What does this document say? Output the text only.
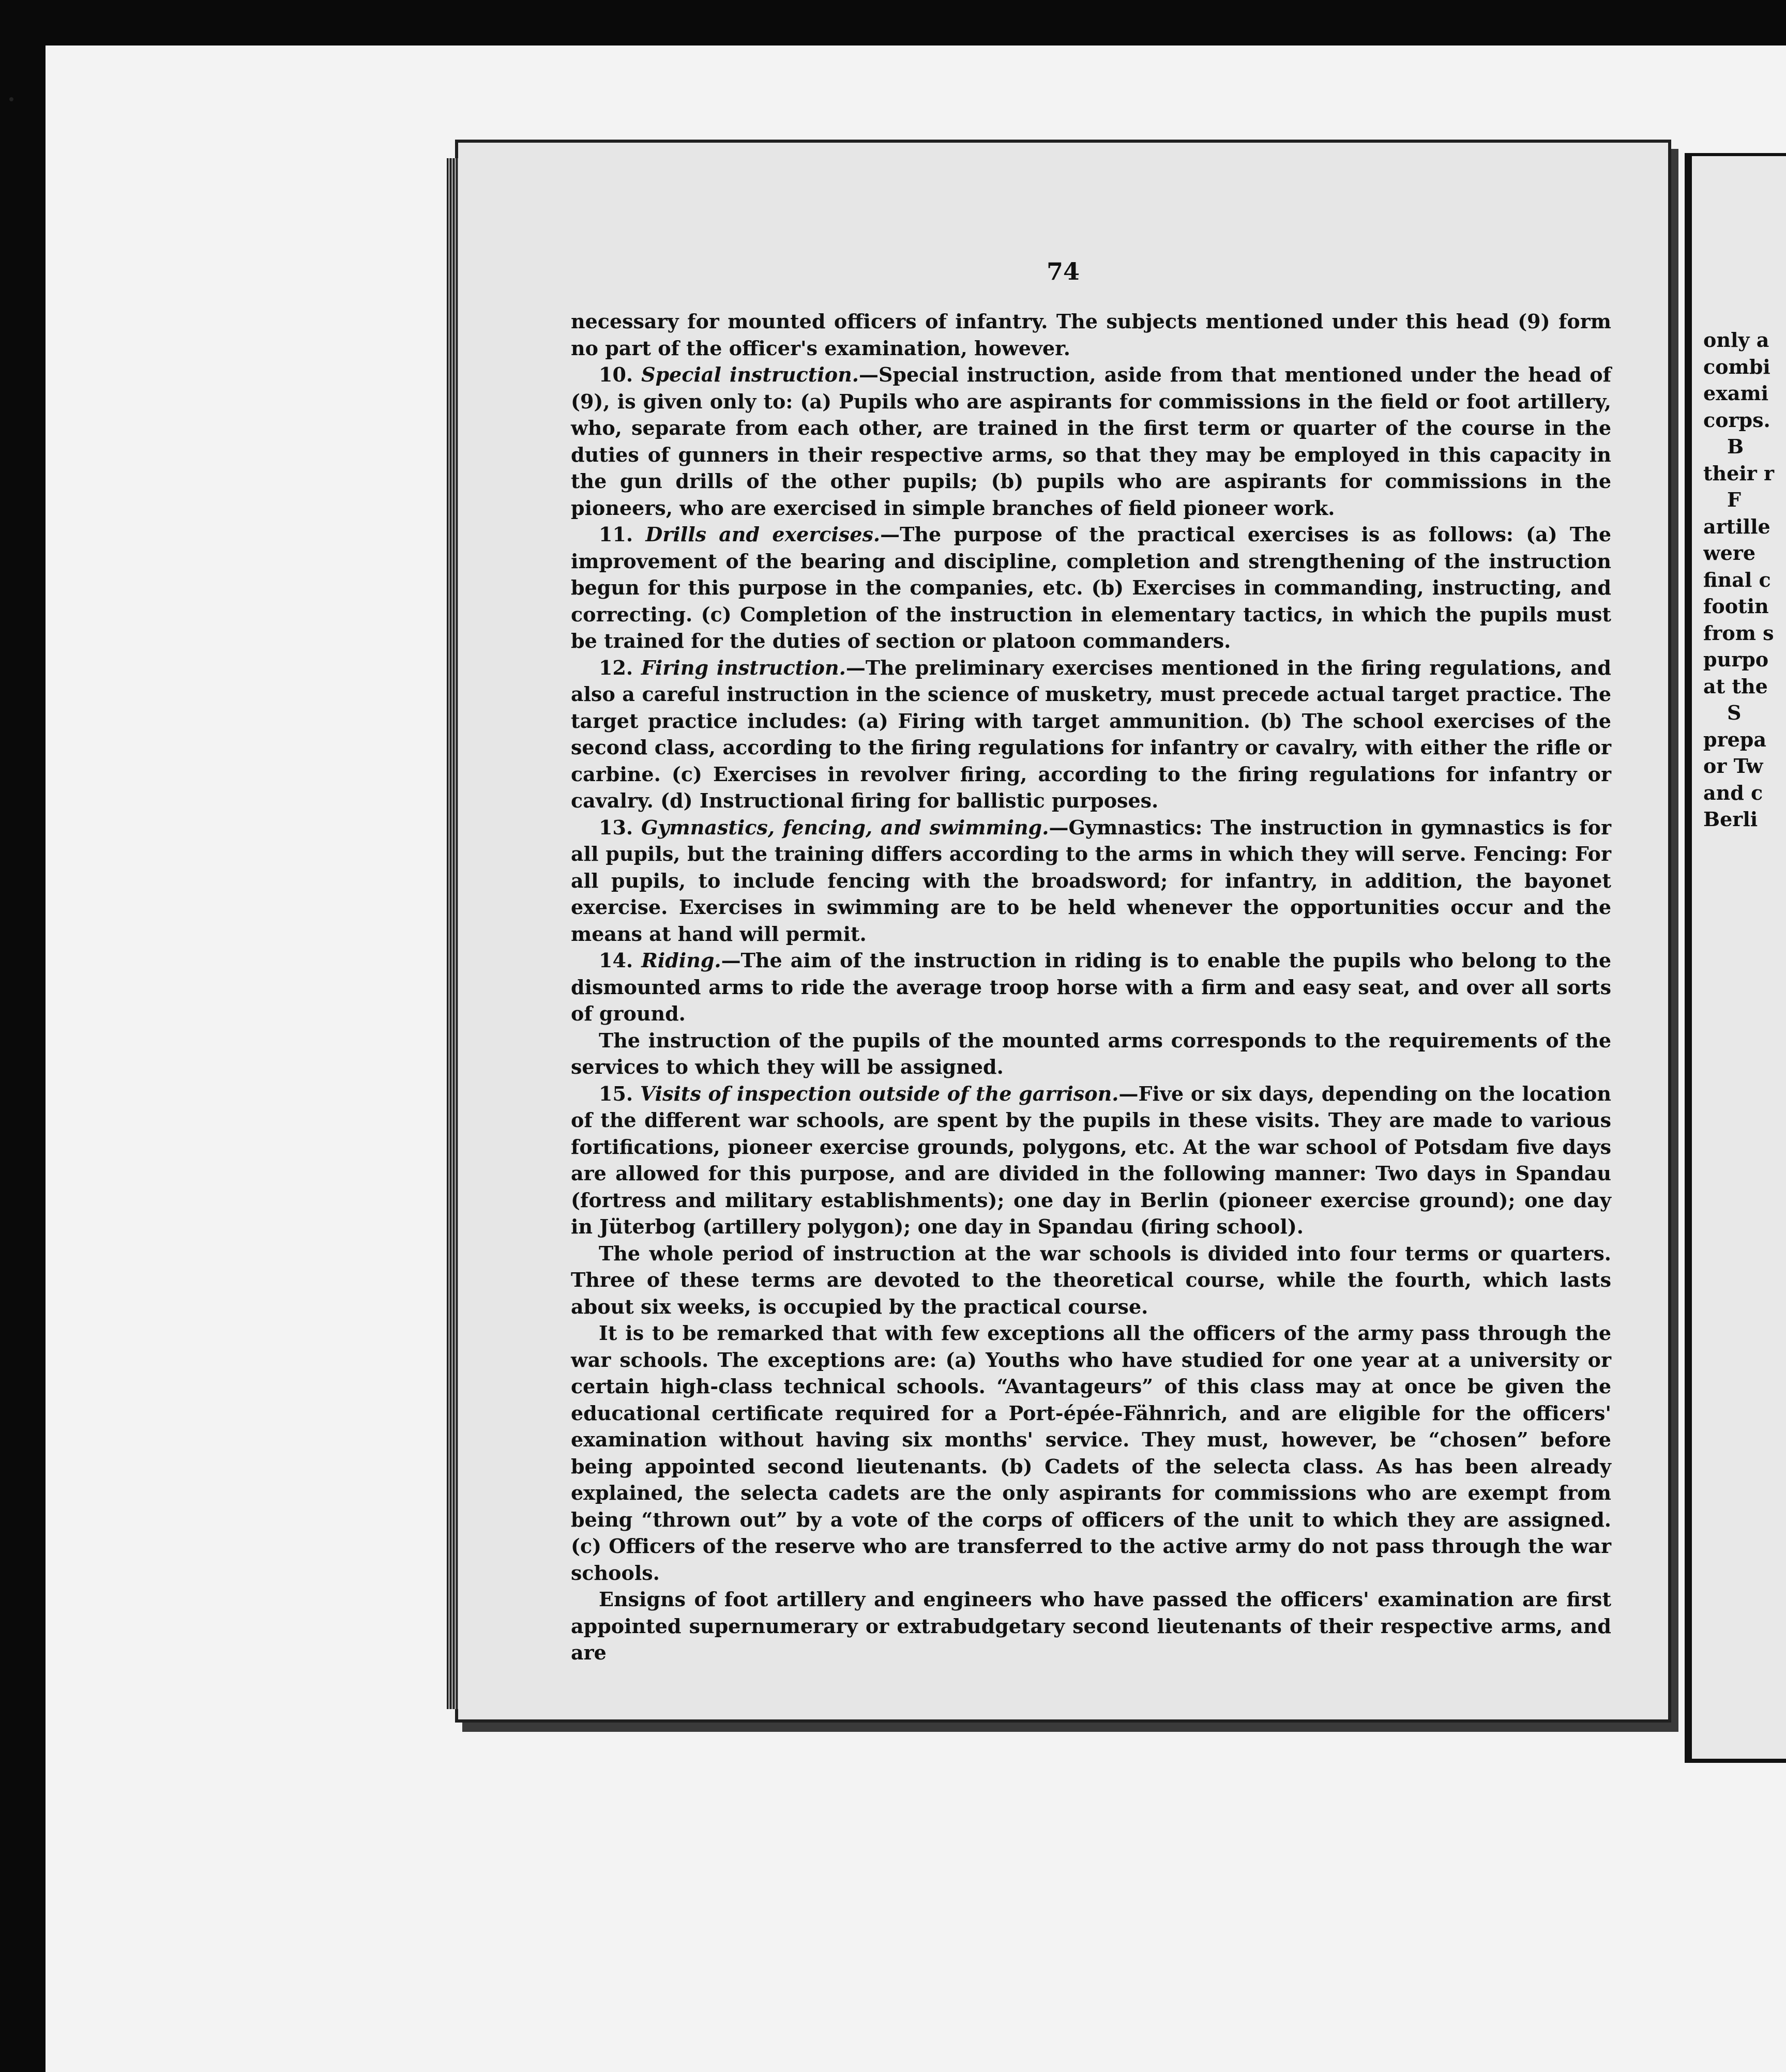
74

necessary for mounted officers of infantry. The subjects mentioned under this head (9) form no part of the officer's examination, however.

10. Special instruction.—Special instruction, aside from that mentioned under the head of (9), is given only to: (a) Pupils who are aspirants for commissions in the field or foot artillery, who, separate from each other, are trained in the first term or quarter of the course in the duties of gunners in their respective arms, so that they may be employed in this capacity in the gun drills of the other pupils; (b) pupils who are aspirants for commissions in the pioneers, who are exercised in simple branches of field pioneer work.

11. Drills and exercises.—The purpose of the practical exercises is as follows: (a) The improvement of the bearing and discipline, completion and strengthening of the instruction begun for this purpose in the companies, etc. (b) Exercises in commanding, instructing, and correcting. (c) Completion of the instruction in elementary tactics, in which the pupils must be trained for the duties of section or platoon commanders.

12. Firing instruction.—The preliminary exercises mentioned in the firing regulations, and also a careful instruction in the science of musketry, must precede actual target practice. The target practice includes: (a) Firing with target ammunition. (b) The school exercises of the second class, according to the firing regulations for infantry or cavalry, with either the rifle or carbine. (c) Exercises in revolver firing, according to the firing regulations for infantry or cavalry. (d) Instructional firing for ballistic purposes.

13. Gymnastics, fencing, and swimming.—Gymnastics: The instruction in gymnastics is for all pupils, but the training differs according to the arms in which they will serve. Fencing: For all pupils, to include fencing with the broadsword; for infantry, in addition, the bayonet exercise. Exercises in swimming are to be held whenever the opportunities occur and the means at hand will permit.

14. Riding.—The aim of the instruction in riding is to enable the pupils who belong to the dismounted arms to ride the average troop horse with a firm and easy seat, and over all sorts of ground.

The instruction of the pupils of the mounted arms corresponds to the requirements of the services to which they will be assigned.

15. Visits of inspection outside of the garrison.—Five or six days, depending on the location of the different war schools, are spent by the pupils in these visits. They are made to various fortifications, pioneer exercise grounds, polygons, etc. At the war school of Potsdam five days are allowed for this purpose, and are divided in the following manner: Two days in Spandau (fortress and military establishments); one day in Berlin (pioneer exercise ground); one day in Jüterbog (artillery polygon); one day in Spandau (firing school).

The whole period of instruction at the war schools is divided into four terms or quarters. Three of these terms are devoted to the theoretical course, while the fourth, which lasts about six weeks, is occupied by the practical course.

It is to be remarked that with few exceptions all the officers of the army pass through the war schools. The exceptions are: (a) Youths who have studied for one year at a university or certain high-class technical schools. “Avantageurs” of this class may at once be given the educational certificate required for a Port-épée-Fähnrich, and are eligible for the officers' examination without having six months' service. They must, however, be “chosen” before being appointed second lieutenants. (b) Cadets of the selecta class. As has been already explained, the selecta cadets are the only aspirants for commissions who are exempt from being “thrown out” by a vote of the corps of officers of the unit to which they are assigned. (c) Officers of the reserve who are transferred to the active army do not pass through the war schools.

Ensigns of foot artillery and engineers who have passed the officers' examination are first appointed supernumerary or extrabudgetary second lieutenants of their respective arms, and are

only a
combi
exami
corps.
B
their r
F
artille
were
final c
footin
from s
purpo
at the
S
prepa
or Tw
and c
Berli
